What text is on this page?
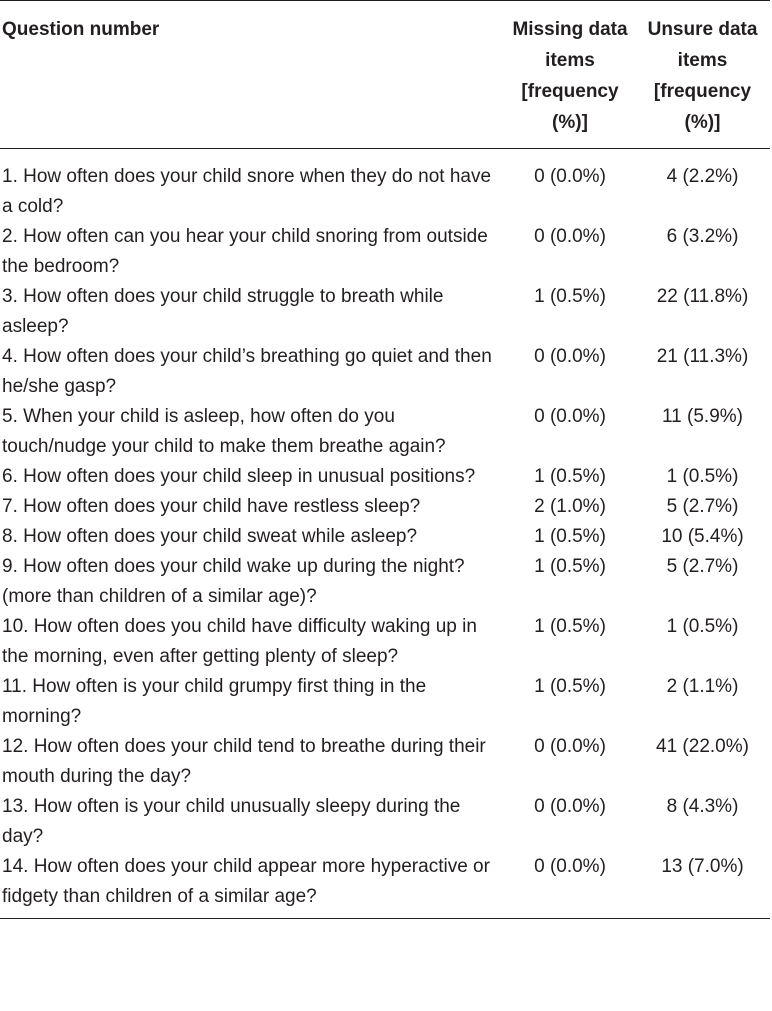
Question number	Missing data items [frequency (%)]	Unsure data items [frequency (%)]
1. How often does your child snore when they do not have a cold?	0 (0.0%)	4 (2.2%)
2. How often can you hear your child snoring from outside the bedroom?	0 (0.0%)	6 (3.2%)
3. How often does your child struggle to breath while asleep?	1 (0.5%)	22 (11.8%)
4. How often does your child’s breathing go quiet and then he/she gasp?	0 (0.0%)	21 (11.3%)
5. When your child is asleep, how often do you touch/nudge your child to make them breathe again?	0 (0.0%)	11 (5.9%)
6. How often does your child sleep in unusual positions?	1 (0.5%)	1 (0.5%)
7. How often does your child have restless sleep?	2 (1.0%)	5 (2.7%)
8. How often does your child sweat while asleep?	1 (0.5%)	10 (5.4%)
9. How often does your child wake up during the night? (more than children of a similar age)?	1 (0.5%)	5 (2.7%)
10. How often does you child have difficulty waking up in the morning, even after getting plenty of sleep?	1 (0.5%)	1 (0.5%)
11. How often is your child grumpy first thing in the morning?	1 (0.5%)	2 (1.1%)
12. How often does your child tend to breathe during their mouth during the day?	0 (0.0%)	41 (22.0%)
13. How often is your child unusually sleepy during the day?	0 (0.0%)	8 (4.3%)
14. How often does your child appear more hyperactive or fidgety than children of a similar age?	0 (0.0%)	13 (7.0%)
